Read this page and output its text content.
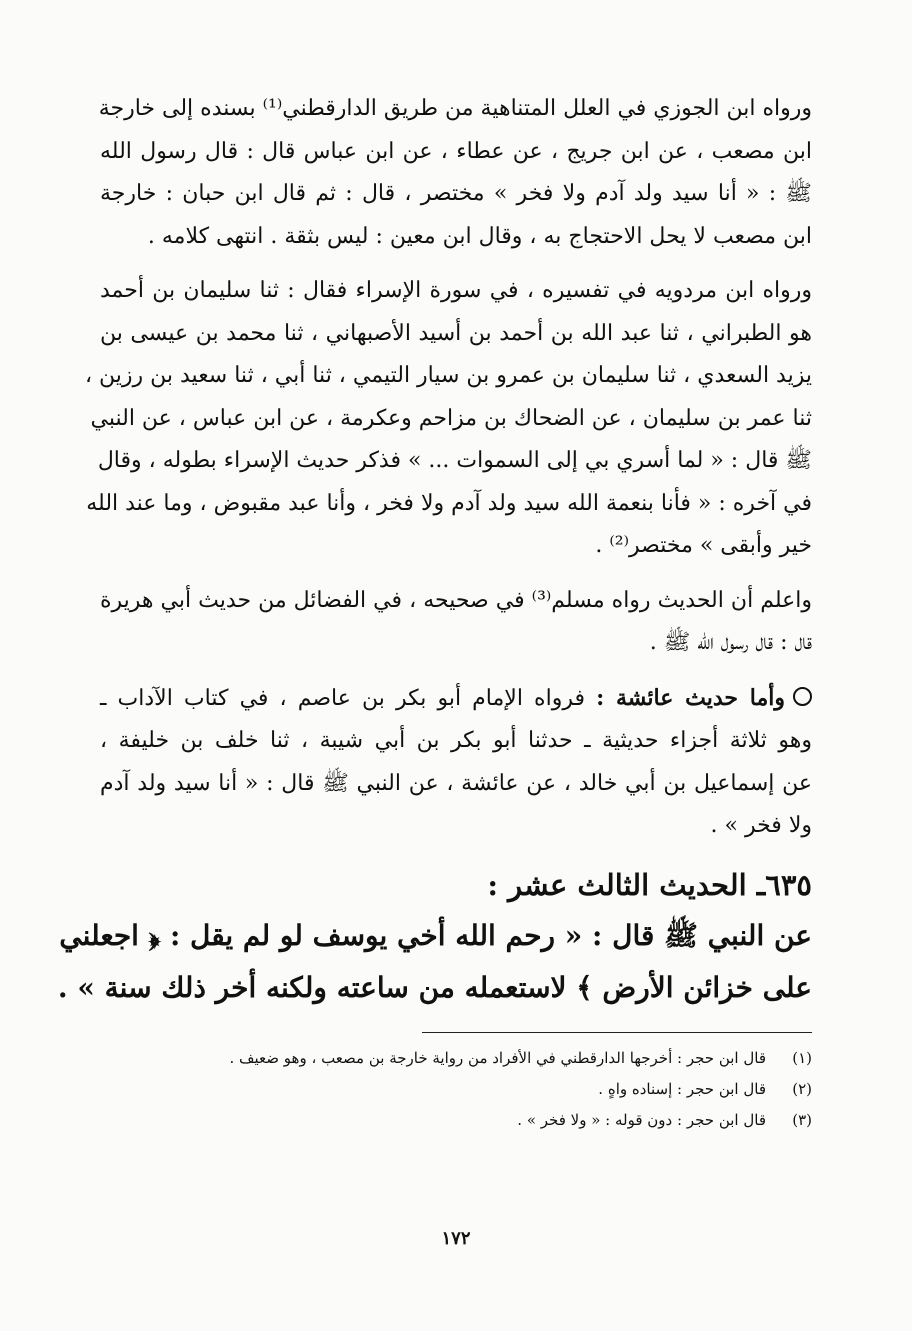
ورواه ابن الجوزي في العلل المتناهية من طريق الدارقطني⁽¹⁾ بسنده إلى خارجة
ابن مصعب ، عن ابن جريج ، عن عطاء ، عن ابن عباس قال : قال رسول الله
ﷺ : « أنا سيد ولد آدم ولا فخر » مختصر ، قال : ثم قال ابن حبان : خارجة
ابن مصعب لا يحل الاحتجاج به ، وقال ابن معين : ليس بثقة . انتهى كلامه .
ورواه ابن مردويه في تفسيره ، في سورة الإسراء فقال : ثنا سليمان بن أحمد
هو الطبراني ، ثنا عبد الله بن أحمد بن أسيد الأصبهاني ، ثنا محمد بن عيسى بن
يزيد السعدي ، ثنا سليمان بن عمرو بن سيار التيمي ، ثنا أبي ، ثنا سعيد بن رزين ،
ثنا عمر بن سليمان ، عن الضحاك بن مزاحم وعكرمة ، عن ابن عباس ، عن النبي
ﷺ قال : « لما أسري بي إلى السموات ... » فذكر حديث الإسراء بطوله ، وقال
في آخره : « فأنا بنعمة الله سيد ولد آدم ولا فخر ، وأنا عبد مقبوض ، وما عند الله
خير وأبقى » مختصر⁽²⁾ .
واعلم أن الحديث رواه مسلم⁽³⁾ في صحيحه ، في الفضائل من حديث أبي هريرة
قال : قال رسول الله ﷺ .
وأما حديث عائشة : فرواه الإمام أبو بكر بن عاصم ، في كتاب الآداب ـ
وهو ثلاثة أجزاء حديثية ـ حدثنا أبو بكر بن أبي شيبة ، ثنا خلف بن خليفة ،
عن إسماعيل بن أبي خالد ، عن عائشة ، عن النبي ﷺ قال : « أنا سيد ولد آدم
ولا فخر » .
٦٣٥ـ الحديث الثالث عشر :
عن النبي ﷺ قال : « رحم الله أخي يوسف لو لم يقل : ﴿ اجعلني
على خزائن الأرض ﴾ لاستعمله من ساعته ولكنه أخر ذلك سنة » .
(١)قال ابن حجر : أخرجها الدارقطني في الأفراد من رواية خارجة بن مصعب ، وهو ضعيف .
(٢)قال ابن حجر : إسناده واهٍ .
(٣)قال ابن حجر : دون قوله : « ولا فخر » .
١٧٢
